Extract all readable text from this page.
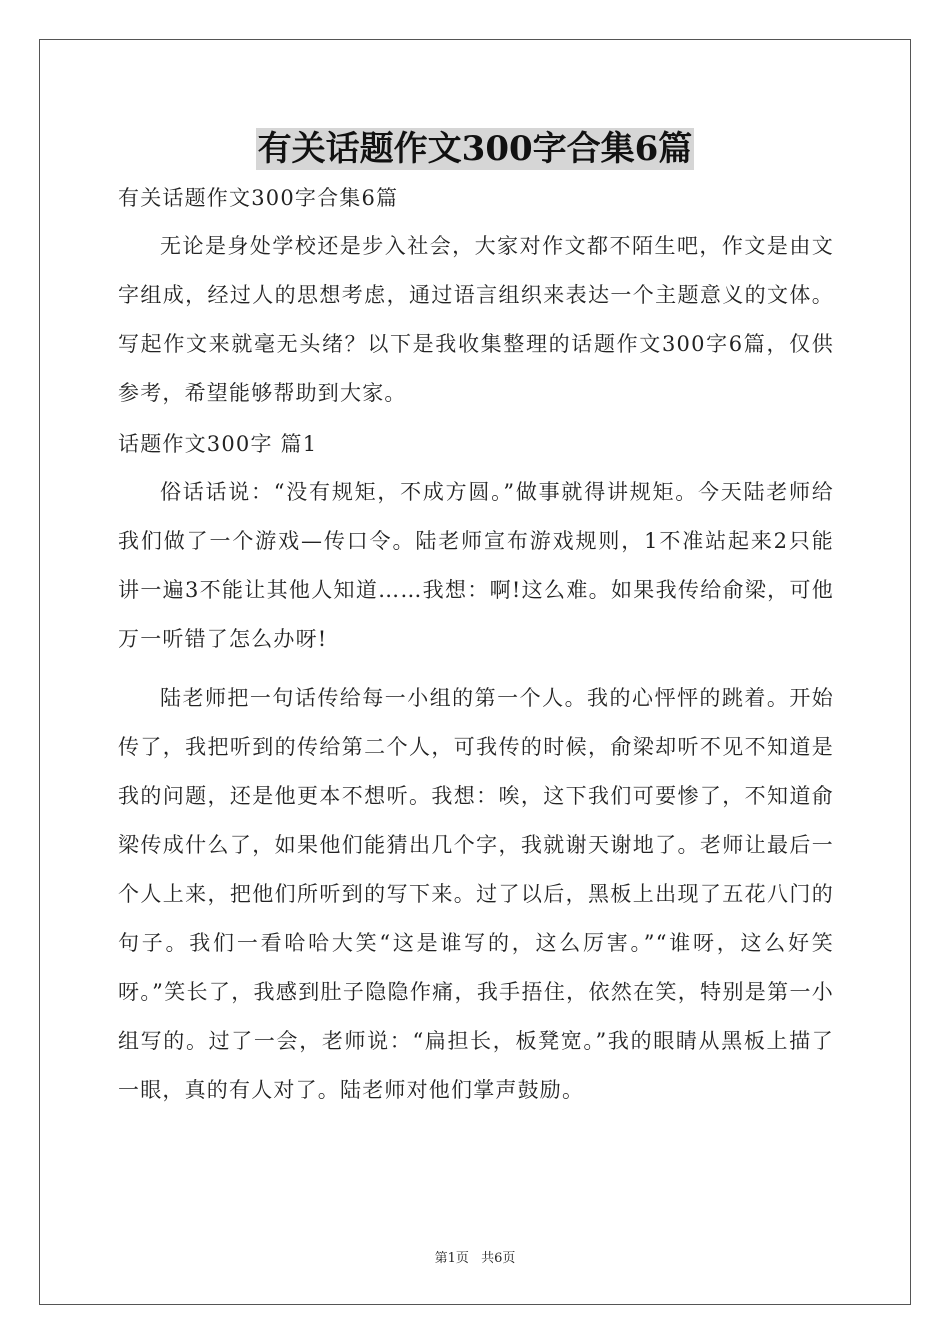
有关话题作文300字合集6篇

有关话题作文300字合集6篇

无论是身处学校还是步入社会，大家对作文都不陌生吧，作文是由文字组成，经过人的思想考虑，通过语言组织来表达一个主题意义的文体。写起作文来就毫无头绪？以下是我收集整理的话题作文300字6篇，仅供参考，希望能够帮助到大家。

话题作文300字 篇1

俗话话说：“没有规矩，不成方圆。”做事就得讲规矩。今天陆老师给我们做了一个游戏—传口令。陆老师宣布游戏规则，1不准站起来2只能讲一遍3不能让其他人知道……我想：啊!这么难。如果我传给俞梁，可他万一听错了怎么办呀!

陆老师把一句话传给每一小组的第一个人。我的心怦怦的跳着。开始传了，我把听到的传给第二个人，可我传的时候，俞梁却听不见不知道是我的问题，还是他更本不想听。我想：唉，这下我们可要惨了，不知道俞梁传成什么了，如果他们能猜出几个字，我就谢天谢地了。老师让最后一个人上来，把他们所听到的写下来。过了以后，黑板上出现了五花八门的句子。我们一看哈哈大笑“这是谁写的，这么厉害。”“谁呀，这么好笑呀。”笑长了，我感到肚子隐隐作痛，我手捂住，依然在笑，特别是第一小组写的。过了一会，老师说：“扁担长，板凳宽。”我的眼睛从黑板上描了一眼，真的有人对了。陆老师对他们掌声鼓励。

第1页 共6页
